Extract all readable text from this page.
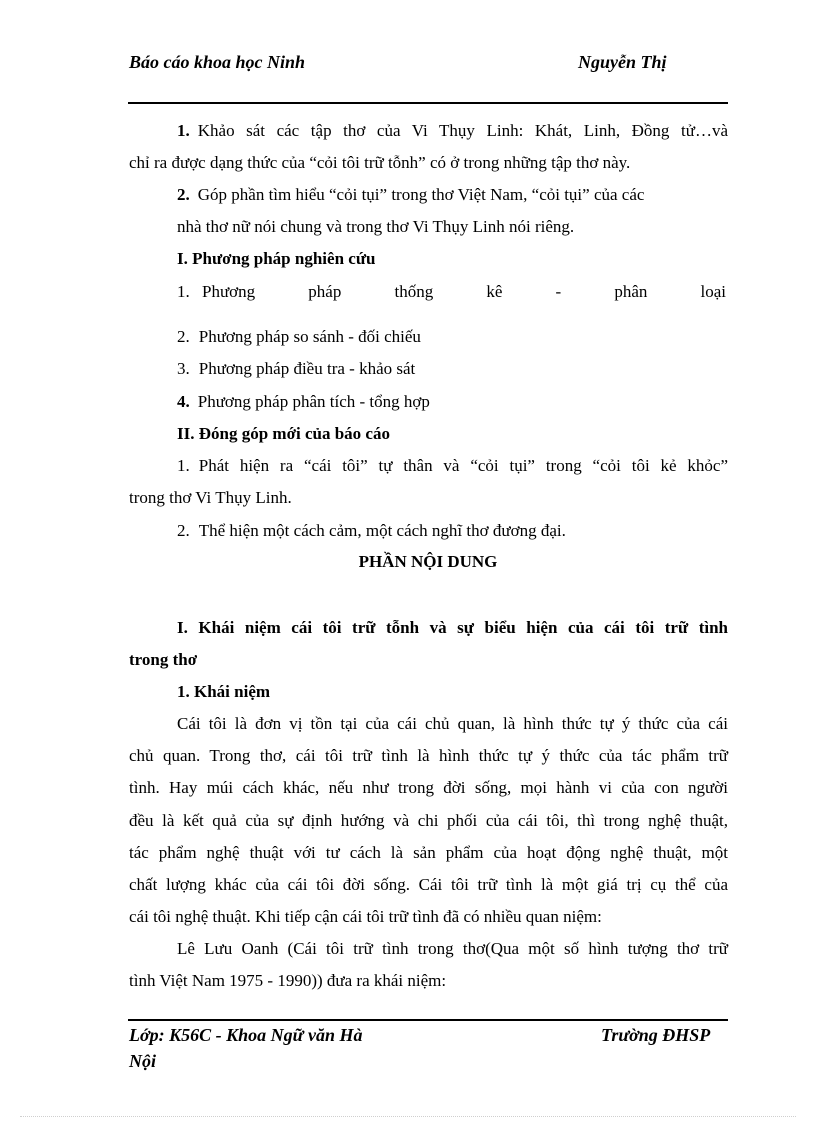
Báo cáo khoa học Ninh	Nguyễn Thị
1. Khảo sát các tập thơ của Vi Thụy Linh: Khát, Linh, Đồng tử…và
chỉ ra được dạng thức của “cỏi tôi trữ tỗnh” có ở trong những tập thơ này.
2. Góp phần tìm hiểu “cỏi tụi” trong thơ Việt Nam, “cỏi tụi” của các
nhà thơ nữ nói chung và trong thơ Vi Thụy Linh nói riêng.
I. Phương pháp nghiên cứu
1. Phương pháp thống kê - phân loại
2. Phương pháp so sánh - đối chiếu
3. Phương pháp điều tra - khảo sát
4. Phương pháp phân tích - tổng hợp
II. Đóng góp mới của báo cáo
1. Phát hiện ra “cái tôi” tự thân và “cỏi tụi” trong “cỏi tôi kẻ khỏc”
trong thơ Vi Thụy Linh.
2. Thể hiện một cách cảm, một cách nghĩ thơ đương đại.
PHẦN NỘI DUNG
I. Khái niệm cái tôi trữ tỗnh và sự biểu hiện của cái tôi trữ tình
trong thơ
1. Khái niệm
Cái tôi là đơn vị tồn tại của cái chủ quan, là hình thức tự ý thức của cái
chủ quan. Trong thơ, cái tôi trữ tình là hình thức tự ý thức của tác phẩm trữ
tình. Hay múi cách khác, nếu như trong đời sống, mọi hành vi của con người
đều là kết quả của sự định hướng và chi phối của cái tôi, thì trong nghệ thuật,
tác phẩm nghệ thuật với tư cách là sản phẩm của hoạt động nghệ thuật, một
chất lượng khác của cái tôi đời sống. Cái tôi trữ tình là một giá trị cụ thể của
cái tôi nghệ thuật. Khi tiếp cận cái tôi trữ tình đã có nhiều quan niệm:
Lê Lưu Oanh (Cái tôi trữ tình trong thơ(Qua một số hình tượng thơ trữ
tình Việt Nam 1975 - 1990)) đưa ra khái niệm:
Lớp: K56C - Khoa Ngữ văn Hà Nội
Trường ĐHSP
